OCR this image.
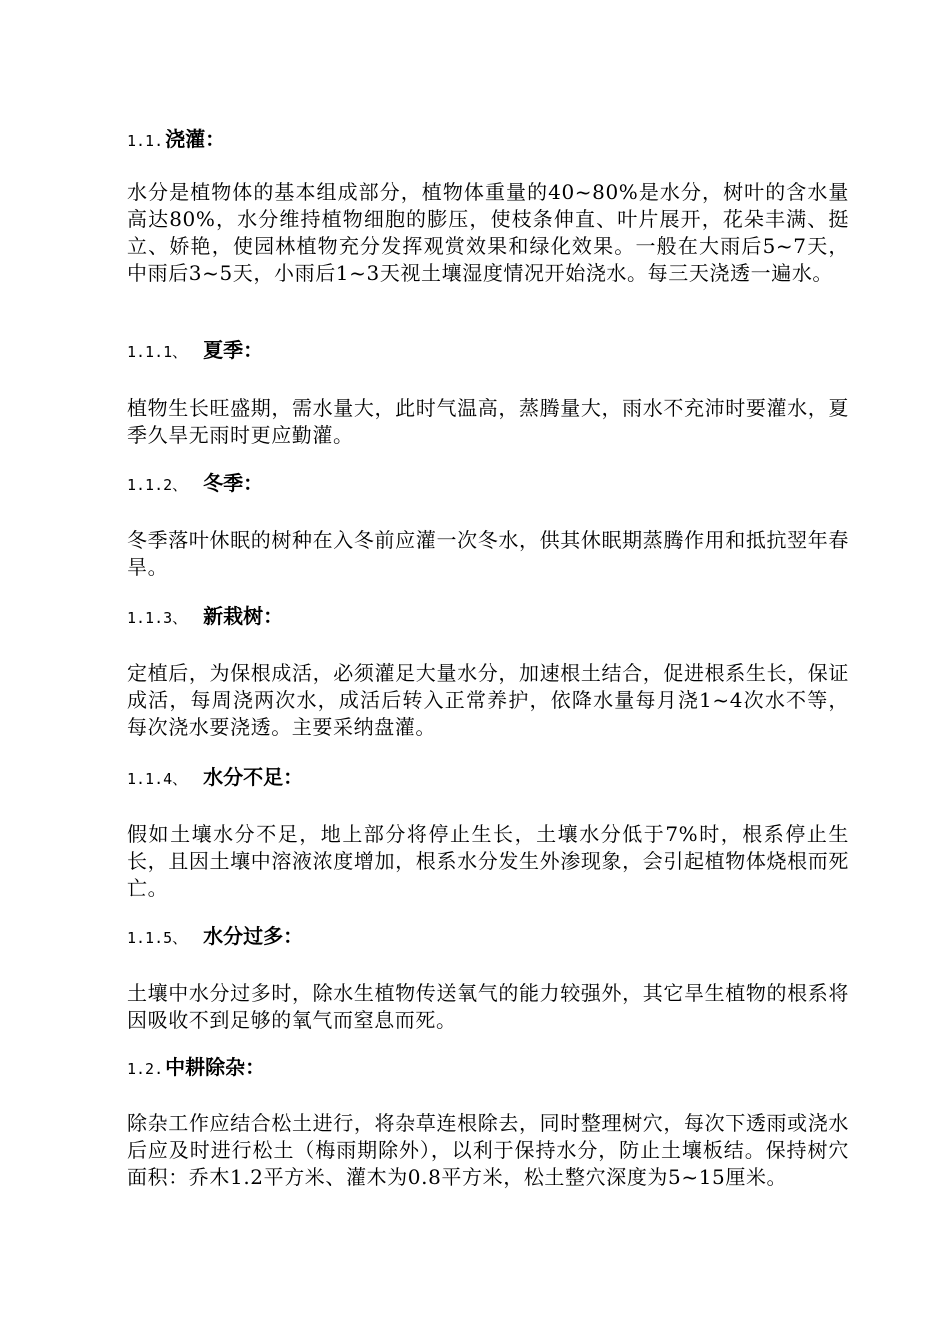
1.1. 浇灌：

水分是植物体的基本组成部分，植物体重量的40~80%是水分，树叶的含水量高达80%，水分维持植物细胞的膨压，使枝条伸直、叶片展开，花朵丰满、挺立、娇艳，使园林植物充分发挥观赏效果和绿化效果。一般在大雨后5~7天，中雨后3~5天，小雨后1~3天视土壤湿度情况开始浇水。每三天浇透一遍水。

1.1.1、 夏季：

植物生长旺盛期，需水量大，此时气温高，蒸腾量大，雨水不充沛时要灌水，夏季久旱无雨时更应勤灌。

1.1.2、 冬季：

冬季落叶休眠的树种在入冬前应灌一次冬水，供其休眠期蒸腾作用和抵抗翌年春旱。

1.1.3、 新栽树：

定植后，为保根成活，必须灌足大量水分，加速根土结合，促进根系生长，保证成活，每周浇两次水，成活后转入正常养护，依降水量每月浇1~4次水不等，每次浇水要浇透。主要采纳盘灌。

1.1.4、 水分不足：

假如土壤水分不足，地上部分将停止生长，土壤水分低于7%时，根系停止生长，且因土壤中溶液浓度增加，根系水分发生外渗现象，会引起植物体烧根而死亡。

1.1.5、 水分过多：

土壤中水分过多时，除水生植物传送氧气的能力较强外，其它旱生植物的根系将因吸收不到足够的氧气而窒息而死。

1.2. 中耕除杂：

除杂工作应结合松土进行，将杂草连根除去，同时整理树穴，每次下透雨或浇水后应及时进行松土（梅雨期除外），以利于保持水分，防止土壤板结。保持树穴面积：乔木1.2平方米、灌木为0.8平方米，松土整穴深度为5~15厘米。
